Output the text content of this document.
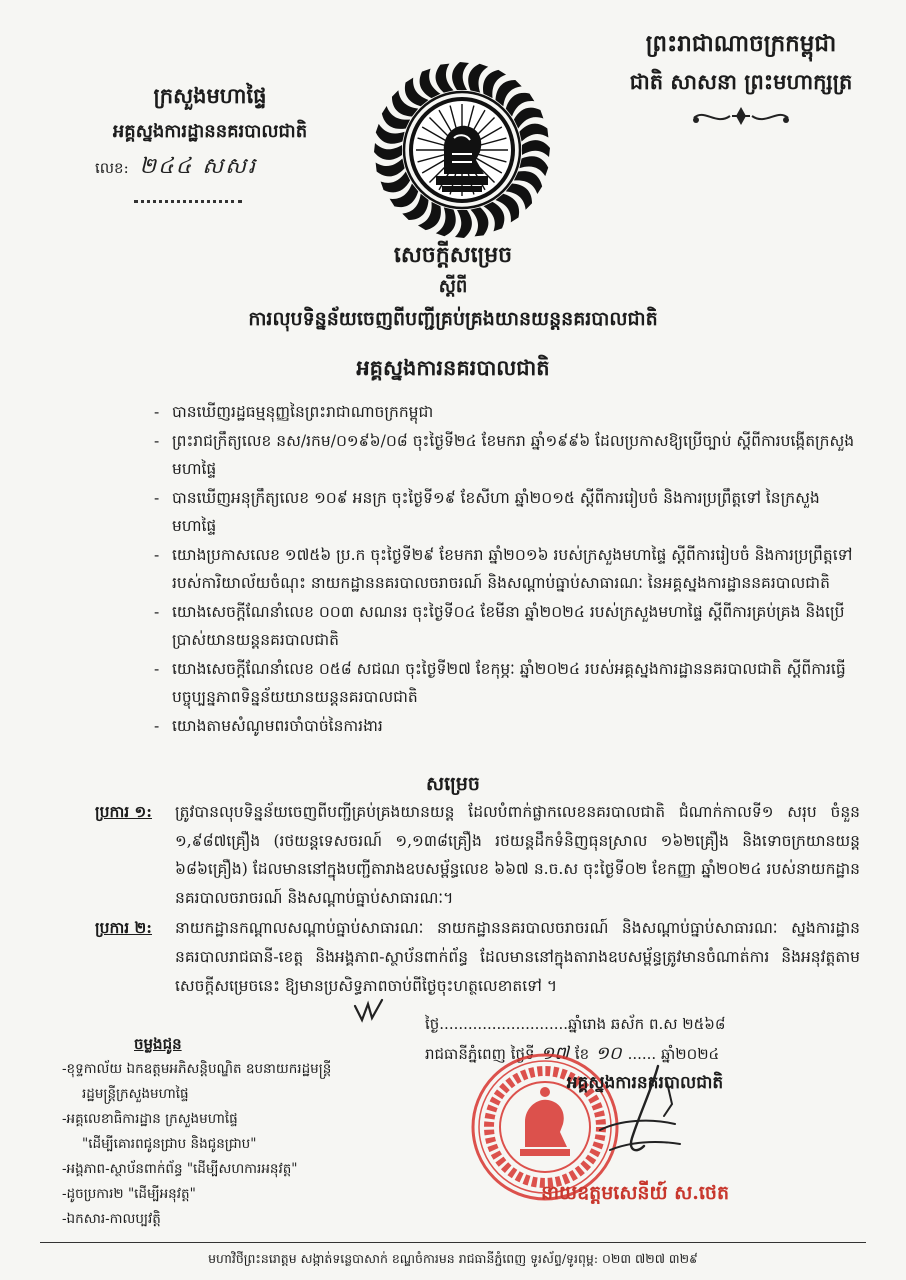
ព្រះរាជាណាចក្រកម្ពុជា
ជាតិ សាសនា ព្រះមហាក្សត្រ
ក្រសួងមហាផ្ទៃ
អគ្គស្នងការដ្ឋាននគរបាលជាតិ
លេខ: ២៤៤ សសរ
សេចក្តីសម្រេច
ស្តីពី
ការលុបទិន្នន័យចេញពីបញ្ជីគ្រប់គ្រងយានយន្តនគរបាលជាតិ
អគ្គស្នងការនគរបាលជាតិ
- បានឃើញរដ្ឋធម្មនុញ្ញនៃព្រះរាជាណាចក្រកម្ពុជា
- ព្រះរាជក្រឹត្យលេខ នស/រកម/០១៩៦/០៨ ចុះថ្ងៃទី២៤ ខែមករា ឆ្នាំ១៩៩៦ ដែលប្រកាសឱ្យប្រើច្បាប់ ស្តីពីការបង្កើតក្រសួងមហាផ្ទៃ
- បានឃើញអនុក្រឹត្យលេខ ១០៩ អនក្រ ចុះថ្ងៃទី១៩ ខែសីហា ឆ្នាំ២០១៥ ស្តីពីការរៀបចំ និងការប្រព្រឹត្តទៅ នៃក្រសួងមហាផ្ទៃ
- យោងប្រកាសលេខ ១៧៥៦ ប្រ.ក ចុះថ្ងៃទី២៩ ខែមករា ឆ្នាំ២០១៦ របស់ក្រសួងមហាផ្ទៃ ស្តីពីការរៀបចំ និងការប្រព្រឹត្តទៅរបស់ការិយាល័យចំណុះ នាយកដ្ឋាននគរបាលចរាចរណ៍ និងសណ្តាប់ធ្នាប់សាធារណៈ នៃអគ្គស្នងការដ្ឋាននគរបាលជាតិ
- យោងសេចក្តីណែនាំលេខ ០០៣ សណនរ ចុះថ្ងៃទី០៤ ខែមីនា ឆ្នាំ២០២៤ របស់ក្រសួងមហាផ្ទៃ ស្តីពីការគ្រប់គ្រង និងប្រើប្រាស់យានយន្តនគរបាលជាតិ
- យោងសេចក្តីណែនាំលេខ ០៥៨ សជណ ចុះថ្ងៃទី២៧ ខែកុម្ភៈ ឆ្នាំ២០២៤ របស់អគ្គស្នងការដ្ឋាននគរបាលជាតិ ស្តីពីការធ្វើបច្ចុប្បន្នភាពទិន្នន័យយានយន្តនគរបាលជាតិ
- យោងតាមសំណូមពរចាំបាច់នៃការងារ
សម្រេច
ប្រការ ១:	ត្រូវបានលុបទិន្នន័យចេញពីបញ្ជីគ្រប់គ្រងយានយន្ត ដែលបំពាក់ផ្លាកលេខនគរបាលជាតិ ជំណាក់កាលទី១ សរុប ចំនួន ១,៩៨៧គ្រឿង (រថយន្តទេសចរណ៍ ១,១៣៨គ្រឿង រថយន្តដឹកទំនិញធុនស្រាល ១៦២គ្រឿង និងទោចក្រយានយន្ត ៦៨៦គ្រឿង) ដែលមាននៅក្នុងបញ្ជីតារាងឧបសម្ព័ន្ធលេខ ៦៦៧ ន.ច.ស ចុះថ្ងៃទី០២ ខែកញ្ញា ឆ្នាំ២០២៤ របស់នាយកដ្ឋាននគរបាលចរាចរណ៍ និងសណ្តាប់ធ្នាប់សាធារណៈ។
ប្រការ ២:	នាយកដ្ឋានកណ្តាលសណ្តាប់ធ្នាប់សាធារណៈ នាយកដ្ឋាននគរបាលចរាចរណ៍ និងសណ្តាប់ធ្នាប់សាធារណៈ ស្នងការដ្ឋាននគរបាលរាជធានី-ខេត្ត និងអង្គភាព-ស្ថាប័នពាក់ព័ន្ធ ដែលមាននៅក្នុងតារាងឧបសម្ព័ន្ធត្រូវមានចំណាត់ការ និងអនុវត្តតាមសេចក្តីសម្រេចនេះ ឱ្យមានប្រសិទ្ធភាពចាប់ពីថ្ងៃចុះហត្ថលេខាតទៅ ។
ថ្ងៃ...........................ឆ្នាំរោង ឆស័ក ព.ស ២៥៦៨
រាជធានីភ្នំពេញ ថ្ងៃទី ១៧ ខែ ១០ ...... ឆ្នាំ២០២៤
អគ្គស្នងការនគរបាលជាតិ
នាយឧត្តមសេនីយ៍ ស.ថេត
ចម្លងជូន
-ខុទ្ទកាល័យ ឯកឧត្តមអភិសន្តិបណ្ឌិត ឧបនាយករដ្ឋមន្ត្រី
រដ្ឋមន្ត្រីក្រសួងមហាផ្ទៃ
-អគ្គលេខាធិការដ្ឋាន ក្រសួងមហាផ្ទៃ
"ដើម្បីគោរពជូនជ្រាប និងជូនជ្រាប"
-អង្គភាព-ស្ថាប័នពាក់ព័ន្ធ "ដើម្បីសហការអនុវត្ត"
-ដូចប្រការ២ "ដើម្បីអនុវត្ត"
-ឯកសារ-កាលប្បវត្តិ
មហាវិថីព្រះនរោត្តម សង្កាត់ទន្លេបាសាក់ ខណ្ឌចំការមន រាជធានីភ្នំពេញ ទូរស័ព្ទ/ទូរពុម្ព: ០២៣ ៧២៧ ៣២៩
